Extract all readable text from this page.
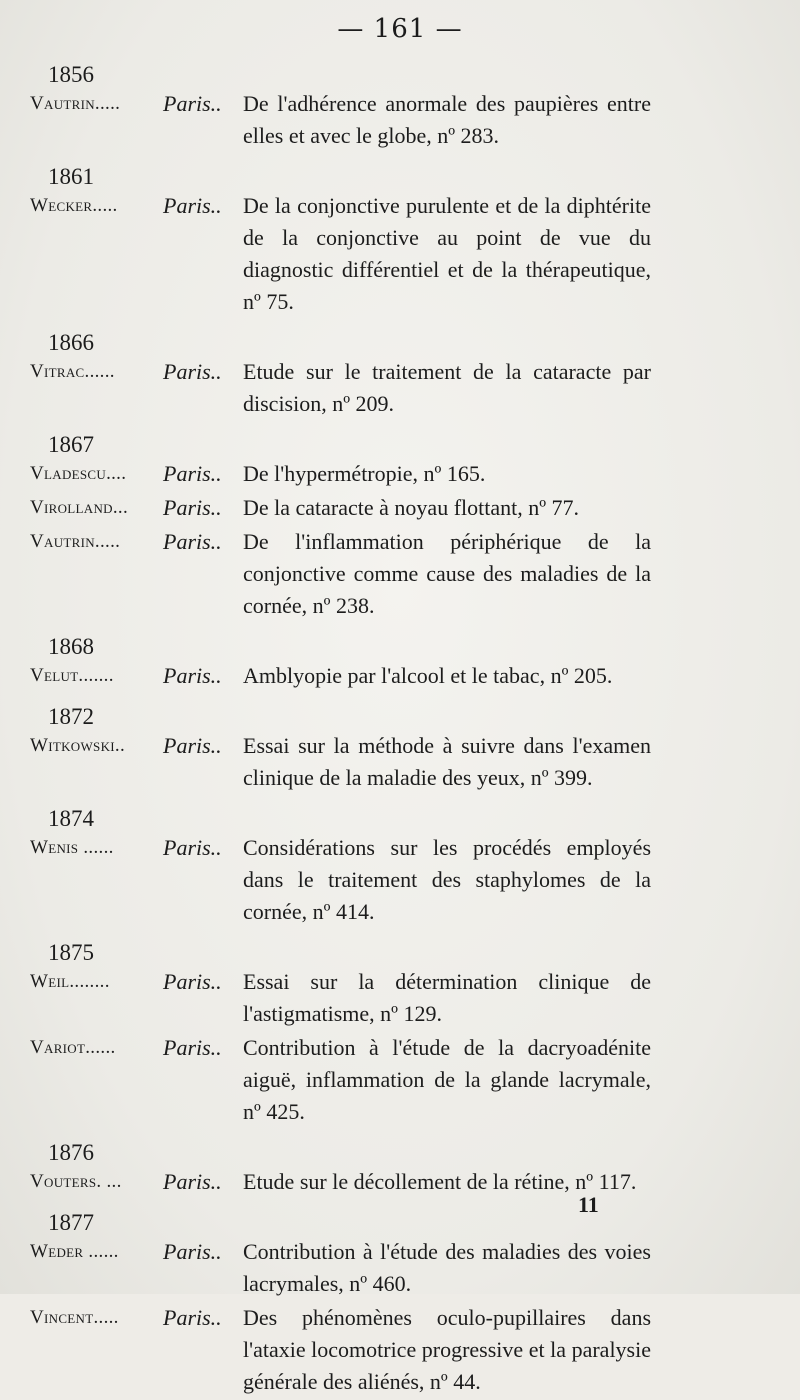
— 161 —
1856
Vautrin.....	Paris.. De l'adhérence anormale des paupières entre elles et avec le globe, nº 283.
1861
Wecker.....	Paris.. De la conjonctive purulente et de la diphtérite de la conjonctive au point de vue du diagnostic différentiel et de la thérapeutique, nº 75.
1866
Vitrac......	Paris.. Etude sur le traitement de la cataracte par discision, nº 209.
1867
Vladescu....	Paris.. De l'hypermétropie, nº 165.
Virolland...	Paris.. De la cataracte à noyau flottant, nº 77.
Vautrin.....	Paris.. De l'inflammation périphérique de la conjonctive comme cause des maladies de la cornée, nº 238.
1868
Velut.......	Paris.. Amblyopie par l'alcool et le tabac, nº 205.
1872
Witkowski..	Paris.. Essai sur la méthode à suivre dans l'examen clinique de la maladie des yeux, nº 399.
1874
Wenis ......	Paris.. Considérations sur les procédés employés dans le traitement des staphylomes de la cornée, nº 414.
1875
Weil........	Paris.. Essai sur la détermination clinique de l'astigmatisme, nº 129.
Variot......	Paris.. Contribution à l'étude de la dacryoadénite aiguë, inflammation de la glande lacrymale, nº 425.
1876
Vouters. ...	Paris.. Etude sur le décollement de la rétine, nº 117.
1877
Weder ......	Paris.. Contribution à l'étude des maladies des voies lacrymales, nº 460.
Vincent.....	Paris.. Des phénomènes oculo-pupillaires dans l'ataxie locomotrice progressive et la paralysie générale des aliénés, nº 44.
11
